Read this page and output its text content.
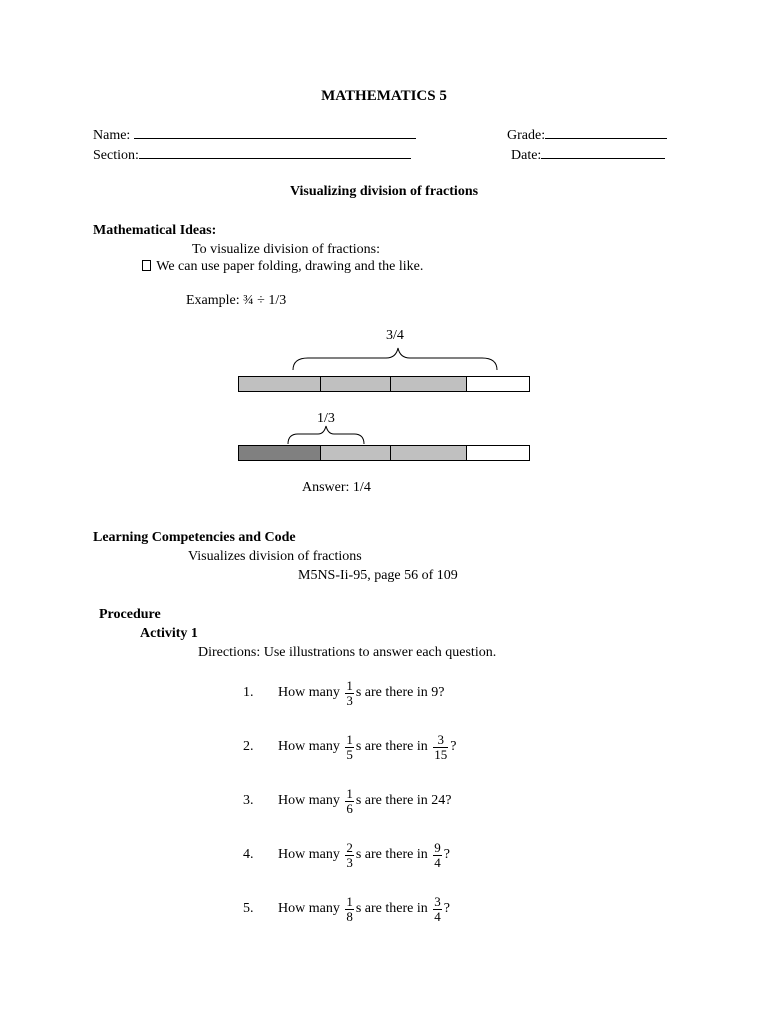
MATHEMATICS 5
Name:	Grade:
Section:	Date:
Visualizing division of fractions
Mathematical Ideas:
To visualize division of fractions:
We can use paper folding, drawing and the like.
Example: ¾ ÷ 1/3
3/4
1/3
Answer: 1/4
Learning Competencies and Code
Visualizes division of fractions
M5NS-Ii-95, page 56 of 109
Procedure
Activity 1
Directions: Use illustrations to answer each question.
1.	How many $\frac{1}{3}$ s are there in 9?
2.	How many $\frac{1}{5}$ s are there in $\frac{3}{15}$ ?
3.	How many $\frac{1}{6}$ s are there in 24?
4.	How many $\frac{2}{3}$ s are there in $\frac{9}{4}$ ?
5.	How many $\frac{1}{8}$ s are there in $\frac{3}{4}$ ?
